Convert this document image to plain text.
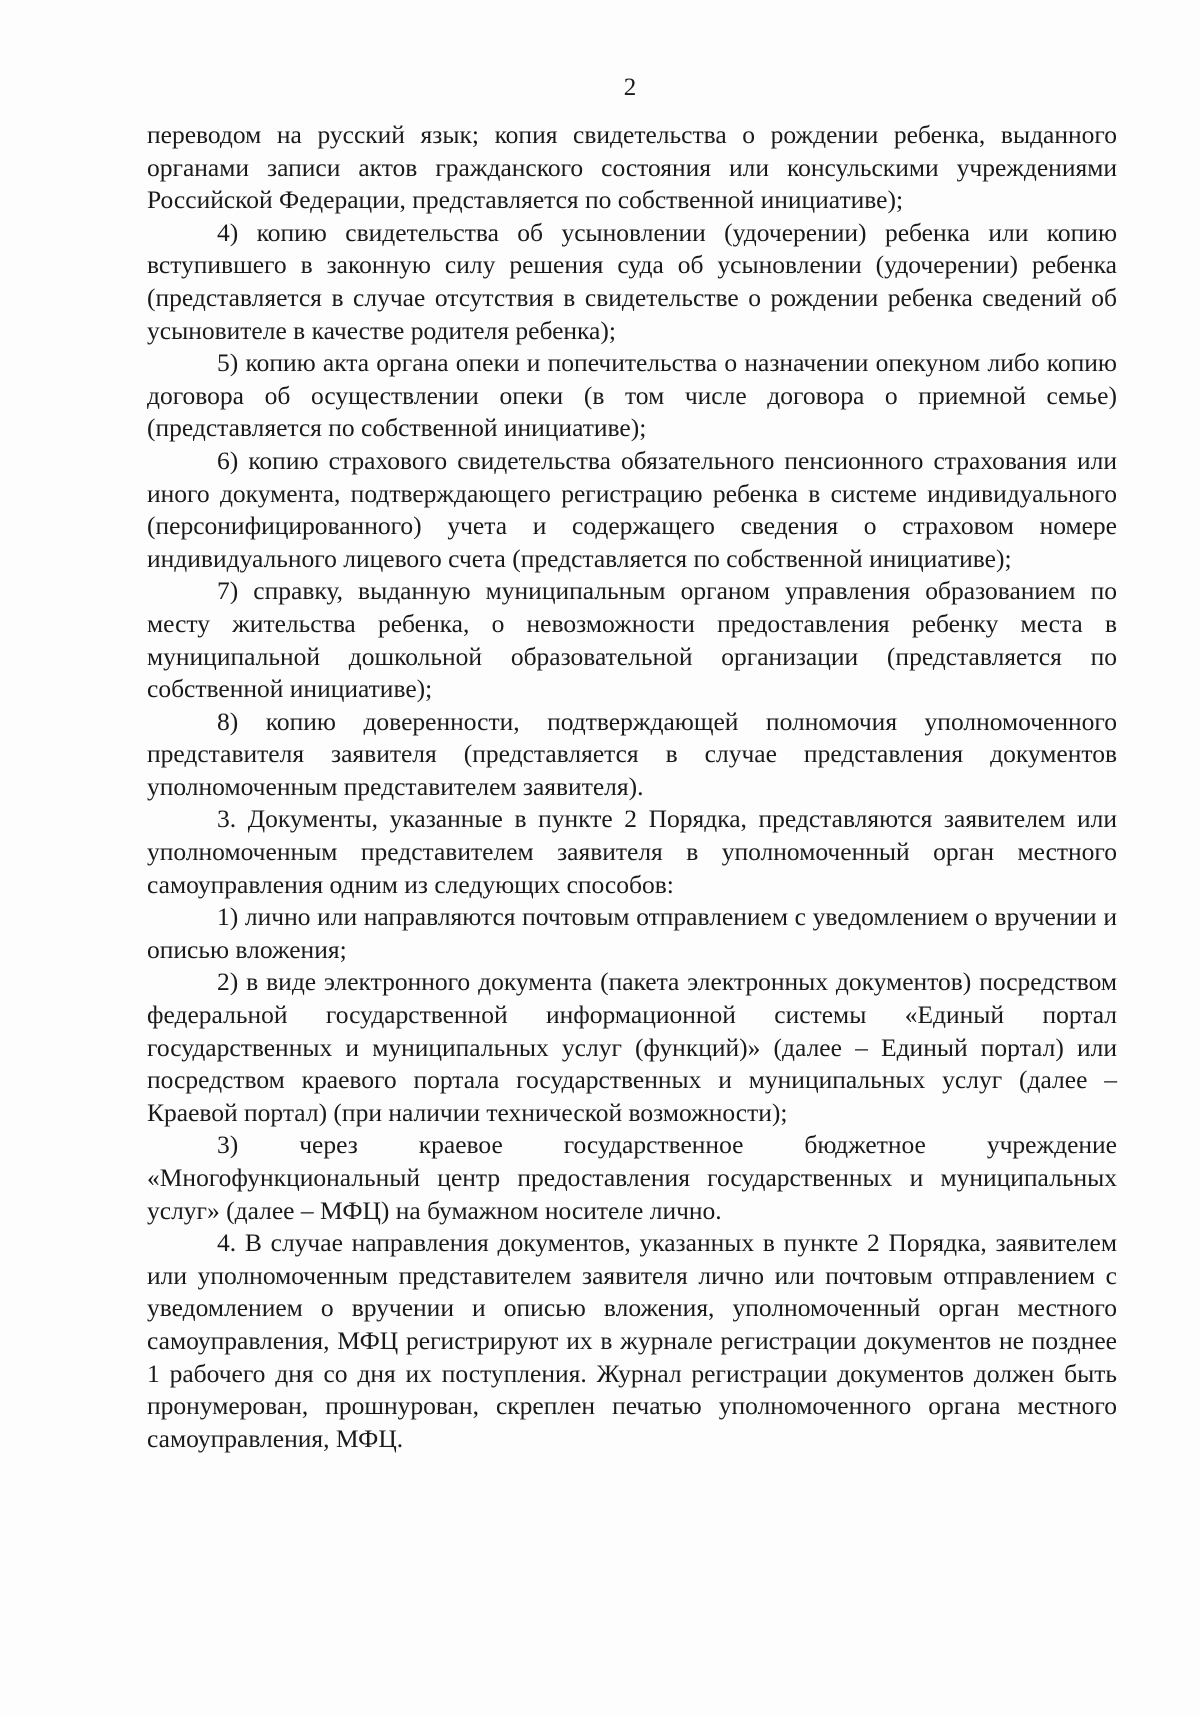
2

переводом на русский язык; копия свидетельства о рождении ребенка, выданного органами записи актов гражданского состояния или консульскими учреждениями Российской Федерации, представляется по собственной инициативе);

4) копию свидетельства об усыновлении (удочерении) ребенка или копию вступившего в законную силу решения суда об усыновлении (удочерении) ребенка (представляется в случае отсутствия в свидетельстве о рождении ребенка сведений об усыновителе в качестве родителя ребенка);

5) копию акта органа опеки и попечительства о назначении опекуном либо копию договора об осуществлении опеки (в том числе договора о приемной семье) (представляется по собственной инициативе);

6) копию страхового свидетельства обязательного пенсионного страхования или иного документа, подтверждающего регистрацию ребенка в системе индивидуального (персонифицированного) учета и содержащего сведения о страховом номере индивидуального лицевого счета (представляется по собственной инициативе);

7) справку, выданную муниципальным органом управления образованием по месту жительства ребенка, о невозможности предоставления ребенку места в муниципальной дошкольной образовательной организации (представляется по собственной инициативе);

8) копию доверенности, подтверждающей полномочия уполномоченного представителя заявителя (представляется в случае представления документов уполномоченным представителем заявителя).

3. Документы, указанные в пункте 2 Порядка, представляются заявителем или уполномоченным представителем заявителя в уполномоченный орган местного самоуправления одним из следующих способов:

1) лично или направляются почтовым отправлением с уведомлением о вручении и описью вложения;

2) в виде электронного документа (пакета электронных документов) посредством федеральной государственной информационной системы «Единый портал государственных и муниципальных услуг (функций)» (далее – Единый портал) или посредством краевого портала государственных и муниципальных услуг (далее – Краевой портал) (при наличии технической возможности);

3) через краевое государственное бюджетное учреждение «Многофункциональный центр предоставления государственных и муниципальных услуг» (далее – МФЦ) на бумажном носителе лично.

4. В случае направления документов, указанных в пункте 2 Порядка, заявителем или уполномоченным представителем заявителя лично или почтовым отправлением с уведомлением о вручении и описью вложения, уполномоченный орган местного самоуправления, МФЦ регистрируют их в журнале регистрации документов не позднее 1 рабочего дня со дня их поступления. Журнал регистрации документов должен быть пронумерован, прошнурован, скреплен печатью уполномоченного органа местного самоуправления, МФЦ.
